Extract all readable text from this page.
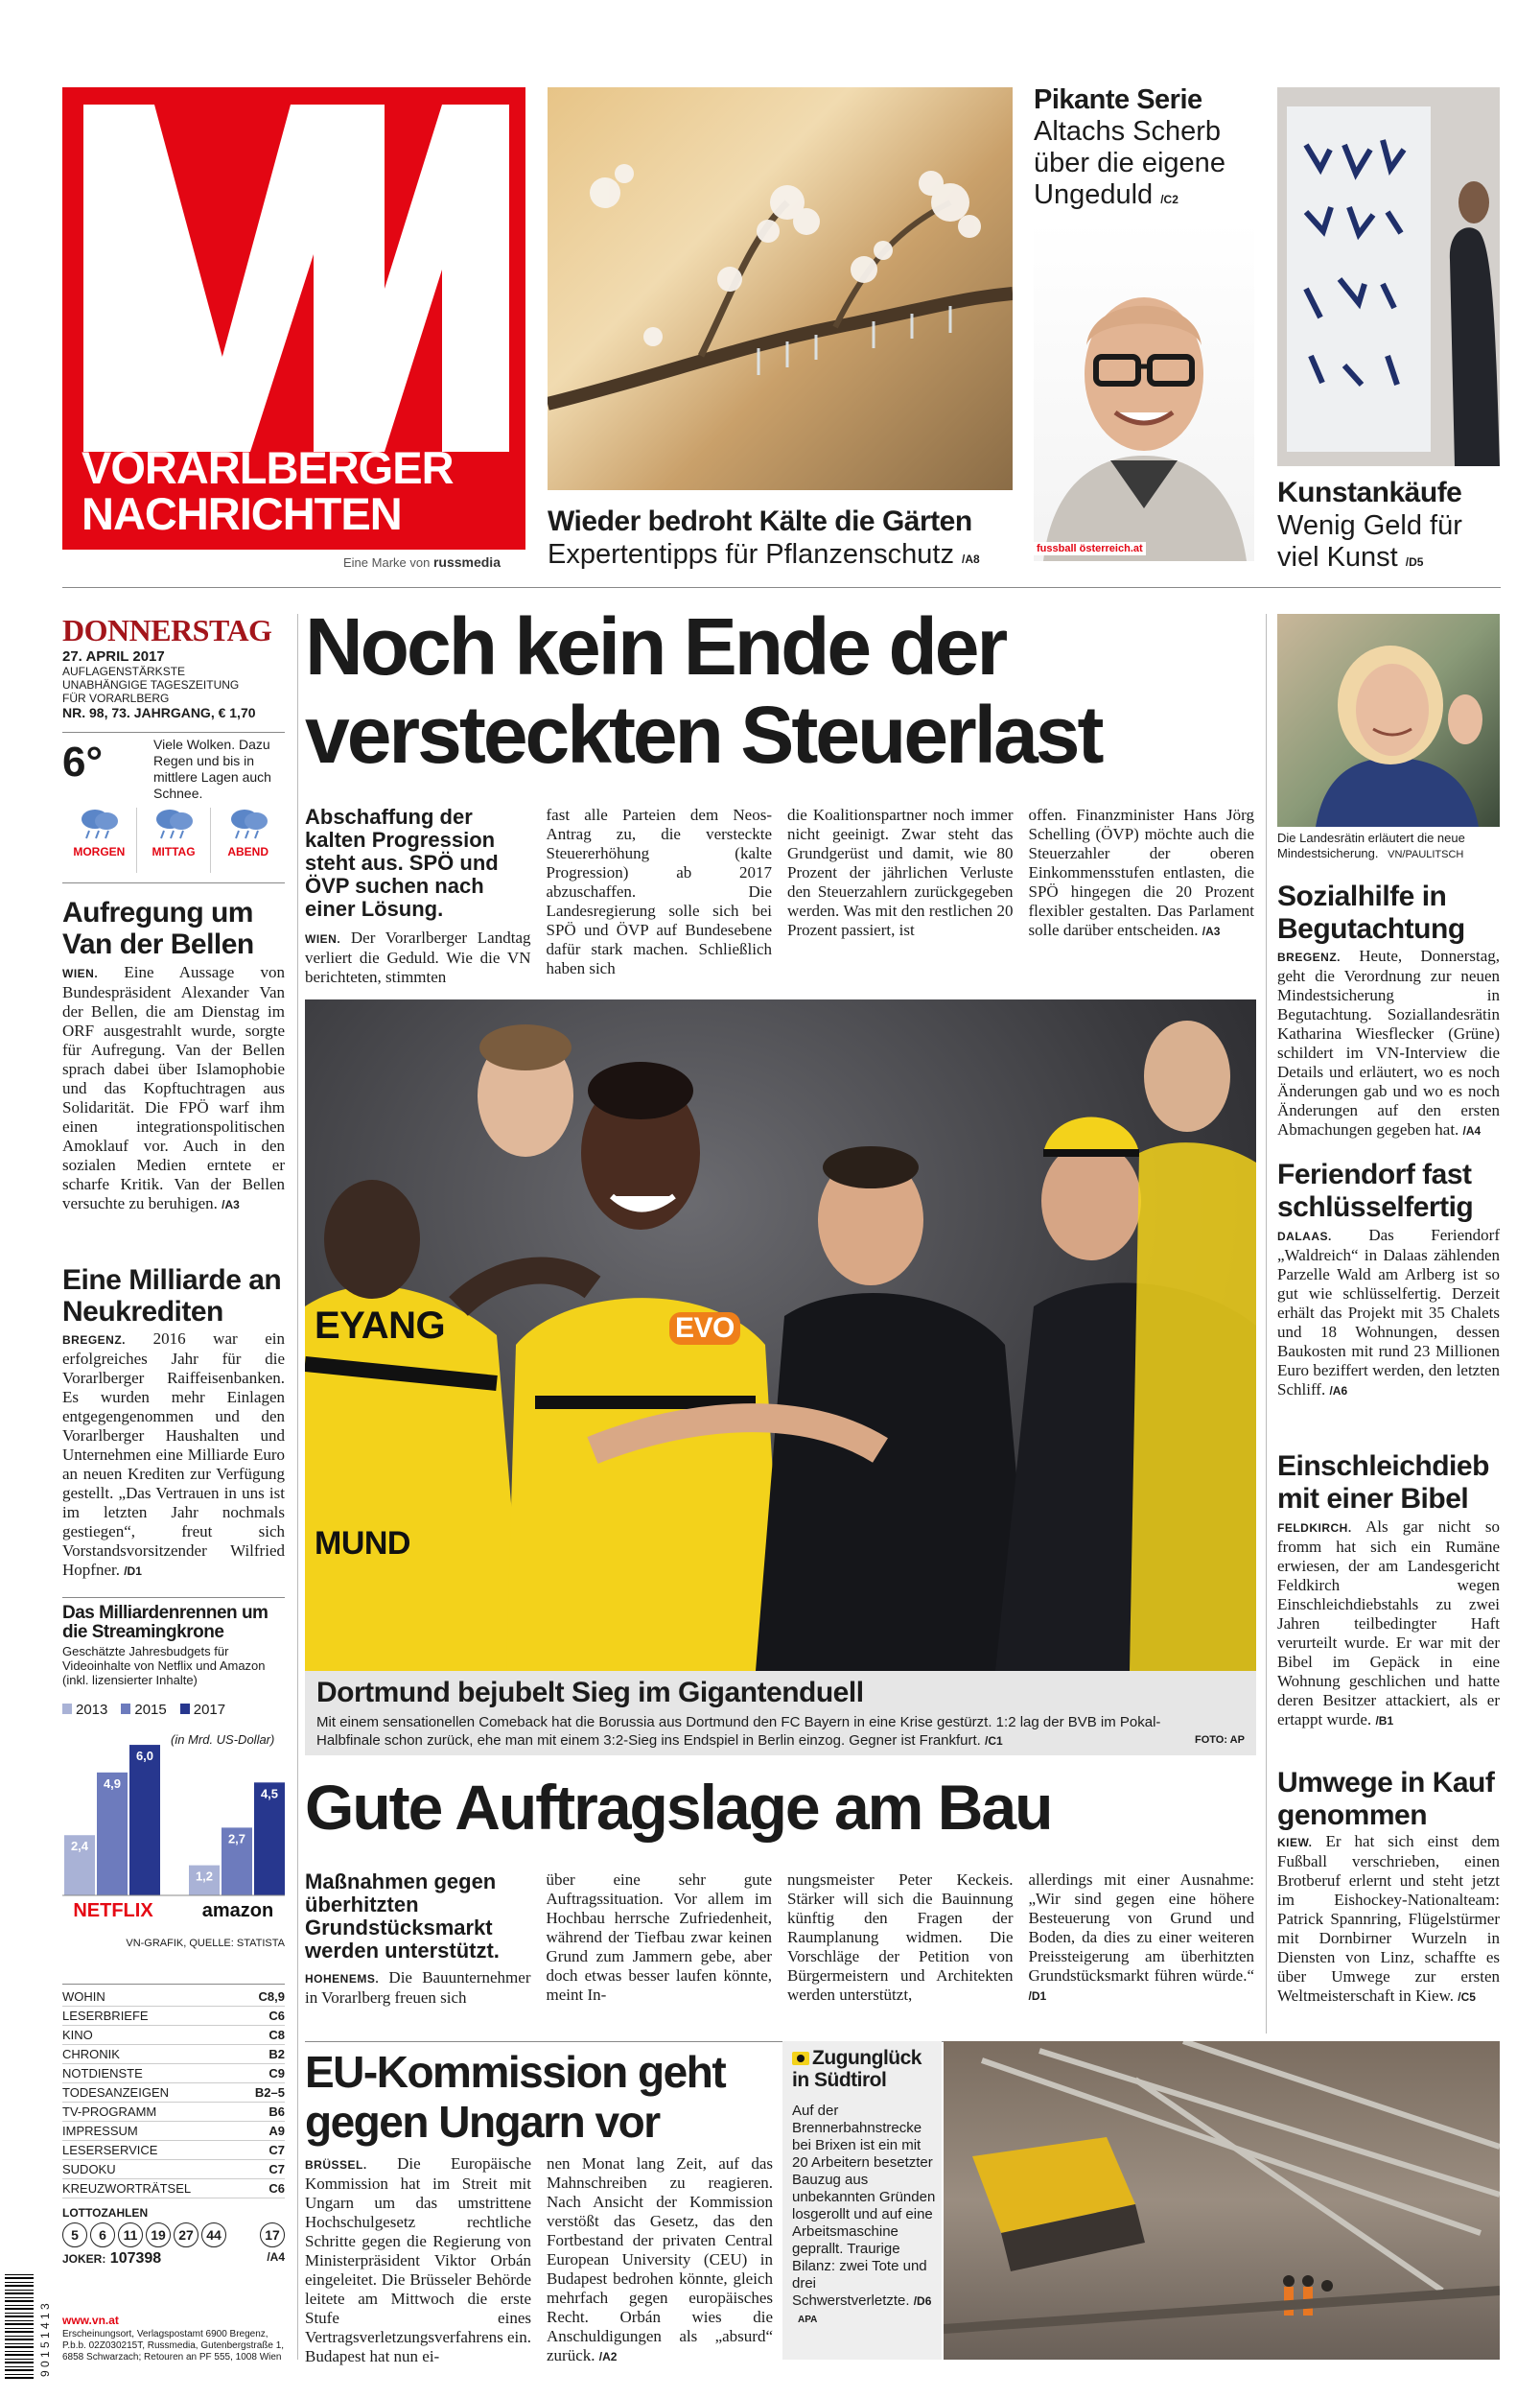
VORARLBERGER
NACHRICHTEN
Eine Marke von russmedia
Wieder bedroht Kälte die Gärten
Expertentipps für Pflanzenschutz /A8
Pikante Serie
Altachs Scherb über die eigene Ungeduld /C2
fussball österreich.at
Kunstankäufe
Wenig Geld für viel Kunst /D5
DONNERSTAG
27. APRIL 2017
AUFLAGENSTÄRKSTE UNABHÄNGIGE TAGESZEITUNG FÜR VORARLBERG
NR. 98, 73. JAHRGANG, € 1,70
6°	Viele Wolken. Dazu Regen und bis in mittlere Lagen auch Schnee.
MORGEN	MITTAG	ABEND
Aufregung um Van der Bellen
WIEN. Eine Aussage von Bundespräsident Alexander Van der Bellen, die am Dienstag im ORF ausgestrahlt wurde, sorgte für Aufregung. Van der Bellen sprach dabei über Islamophobie und das Kopftuchtragen aus Solidarität. Die FPÖ warf ihm einen integrationspolitischen Amoklauf vor. Auch in den sozialen Medien erntete er scharfe Kritik. Van der Bellen versuchte zu beruhigen. /A3
Eine Milliarde an Neukrediten
BREGENZ. 2016 war ein erfolgreiches Jahr für die Vorarlberger Raiffeisenbanken. Es wurden mehr Einlagen entgegengenommen und den Vorarlberger Haushalten und Unternehmen eine Milliarde Euro an neuen Krediten zur Verfügung gestellt. „Das Vertrauen in uns ist im letzten Jahr nochmals gestiegen“, freut sich Vorstandsvorsitzender Wilfried Hopfner. /D1
Das Milliardenrennen um die Streamingkrone
Geschätzte Jahresbudgets für Videoinhalte von Netflix und Amazon (inkl. lizensierter Inhalte)
2013	2015	2017
2,4
4,9
6,0
NETFLIX
1,2
2,7
4,5
amazon
(in Mrd. US-Dollar)
VN-GRAFIK, QUELLE: STATISTA
WOHIN	C8,9
LESERBRIEFE	C6
KINO	C8
CHRONIK	B2
NOTDIENSTE	C9
TODESANZEIGEN	B2–5
TV-PROGRAMM	B6
IMPRESSUM	A9
LESERSERVICE	C7
SUDOKU	C7
KREUZWORTRÄTSEL	C6
LOTTOZAHLEN
5	6	11 19 27 44	17
JOKER: 107398	/A4
9 0 1 5 1 4 1 3 www.vn.at
Erscheinungsort, Verlagspostamt 6900 Bregenz, P.b.b. 02Z030215T, Russmedia, Gutenbergstraße 1, 6858 Schwarzach; Retouren an PF 555, 1008 Wien
Noch kein Ende der versteckten Steuerlast
Abschaffung der kalten Progression steht aus. SPÖ und ÖVP suchen nach einer Lösung.
WIEN. Der Vorarlberger Landtag verliert die Geduld. Wie die VN berichteten, stimmten
fast alle Parteien dem Neos-Antrag zu, die versteckte Steuererhöhung (kalte Progression) ab 2017 abzuschaffen. Die Landesregierung solle sich bei SPÖ und ÖVP auf Bundesebene dafür stark machen. Schließlich haben sich
die Koalitionspartner noch immer nicht geeinigt. Zwar steht das Grundgerüst und damit, wie 80 Prozent der jährlichen Verluste den Steuerzahlern zurückgegeben werden. Was mit den restlichen 20 Prozent passiert, ist
offen. Finanzminister Hans Jörg Schelling (ÖVP) möchte auch die Steuerzahler der oberen Einkommensstufen entlasten, die SPÖ hingegen die 20 Prozent flexibler gestalten. Das Parlament solle darüber entscheiden. /A3
EYANG
MUND
EVO
Dortmund bejubelt Sieg im Gigantenduell
Mit einem sensationellen Comeback hat die Borussia aus Dortmund den FC Bayern in eine Krise gestürzt. 1:2 lag der BVB im Pokal-Halbfinale schon zurück, ehe man mit einem 3:2-Sieg ins Endspiel in Berlin einzog. Gegner ist Frankfurt. /C1	FOTO: AP
Gute Auftragslage am Bau
Maßnahmen gegen überhitzten Grundstücksmarkt werden unterstützt.
HOHENEMS. Die Bauunternehmer in Vorarlberg freuen sich
über eine sehr gute Auftragssituation. Vor allem im Hochbau herrsche Zufriedenheit, während der Tiefbau zwar keinen Grund zum Jammern gebe, aber doch etwas besser laufen könnte, meint In-
nungsmeister Peter Keckeis. Stärker will sich die Bauinnung künftig den Fragen der Raumplanung widmen. Die Vorschläge der Petition von Bürgermeistern und Architekten werden unterstützt,
allerdings mit einer Ausnahme: „Wir sind gegen eine höhere Besteuerung von Grund und Boden, da dies zu einer weiteren Preissteigerung am überhitzten Grundstücksmarkt führen würde.“ /D1
EU-Kommission geht gegen Ungarn vor
BRÜSSEL. Die Europäische Kommission hat im Streit mit Ungarn um das umstrittene Hochschulgesetz rechtliche Schritte gegen die Regierung von Ministerpräsident Viktor Orbán eingeleitet. Die Brüsseler Behörde leitete am Mittwoch die erste Stufe eines Vertragsverletzungsverfahrens ein. Budapest hat nun ei-
nen Monat lang Zeit, auf das Mahnschreiben zu reagieren. Nach Ansicht der Kommission verstößt das Gesetz, das den Fortbestand der privaten Central European University (CEU) in Budapest bedrohen könnte, gleich mehrfach gegen europäisches Recht. Orbán wies die Anschuldigungen als „absurd“ zurück. /A2
Zugunglück in Südtirol
Auf der Brennerbahnstrecke bei Brixen ist ein mit 20 Arbeitern besetzter Bauzug aus unbekannten Gründen losgerollt und auf eine Arbeitsmaschine geprallt. Traurige Bilanz: zwei Tote und drei Schwerstverletzte. /D6 APA
Die Landesrätin erläutert die neue Mindestsicherung. VN/PAULITSCH
Sozialhilfe in Begutachtung
BREGENZ. Heute, Donnerstag, geht die Verordnung zur neuen Mindestsicherung in Begutachtung. Soziallandesrätin Katharina Wiesflecker (Grüne) schildert im VN-Interview die Details und erläutert, wo es noch Änderungen gab und wo es noch Änderungen auf den ersten Abmachungen gegeben hat. /A4
Feriendorf fast schlüsselfertig
DALAAS. Das Feriendorf „Waldreich“ in Dalaas zählenden Parzelle Wald am Arlberg ist so gut wie schlüsselfertig. Derzeit erhält das Projekt mit 35 Chalets und 18 Wohnungen, dessen Baukosten mit rund 23 Millionen Euro beziffert werden, den letzten Schliff. /A6
Einschleichdieb mit einer Bibel
FELDKIRCH. Als gar nicht so fromm hat sich ein Rumäne erwiesen, der am Landesgericht Feldkirch wegen Einschleichdiebstahls zu zwei Jahren teilbedingter Haft verurteilt wurde. Er war mit der Bibel im Gepäck in eine Wohnung geschlichen und hatte deren Besitzer attackiert, als er ertappt wurde. /B1
Umwege in Kauf genommen
KIEW. Er hat sich einst dem Fußball verschrieben, einen Brotberuf erlernt und steht jetzt im Eishockey-Nationalteam: Patrick Spannring, Flügelstürmer mit Dornbirner Wurzeln in Diensten von Linz, schaffte es über Umwege zur ersten Weltmeisterschaft in Kiew. /C5
